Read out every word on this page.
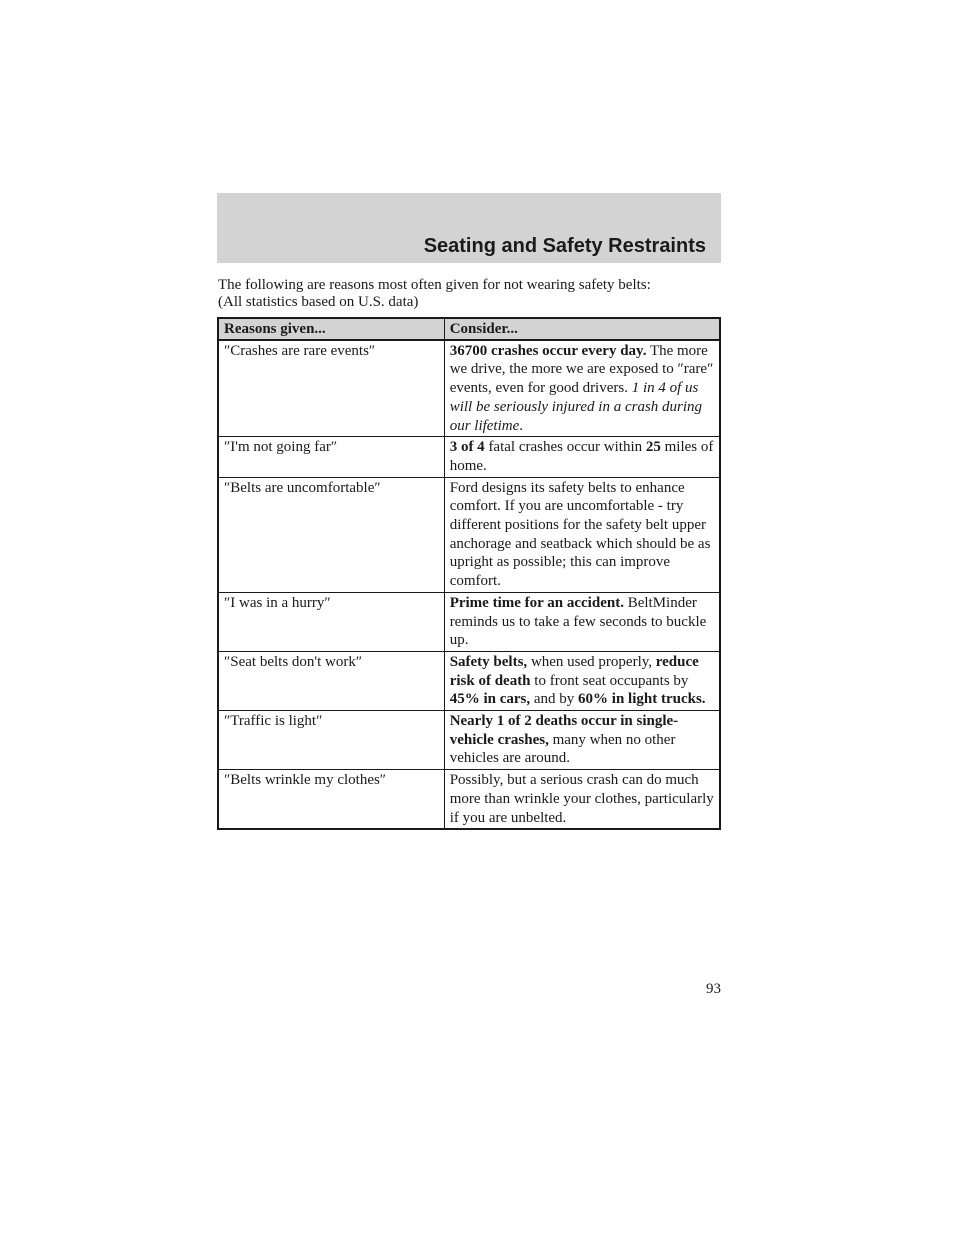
Seating and Safety Restraints
The following are reasons most often given for not wearing safety belts:
(All statistics based on U.S. data)
Reasons given...	Consider...
″Crashes are rare events″	36700 crashes occur every day. The more we drive, the more we are exposed to ″rare″ events, even for good drivers. 1 in 4 of us will be seriously injured in a crash during our lifetime.
″I'm not going far″	3 of 4 fatal crashes occur within 25 miles of home.
″Belts are uncomfortable″	Ford designs its safety belts to enhance comfort. If you are uncomfortable - try different positions for the safety belt upper anchorage and seatback which should be as upright as possible; this can improve comfort.
″I was in a hurry″	Prime time for an accident. BeltMinder reminds us to take a few seconds to buckle up.
″Seat belts don't work″	Safety belts, when used properly, reduce risk of death to front seat occupants by 45% in cars, and by 60% in light trucks.
″Traffic is light″	Nearly 1 of 2 deaths occur in single-vehicle crashes, many when no other vehicles are around.
″Belts wrinkle my clothes″	Possibly, but a serious crash can do much more than wrinkle your clothes, particularly if you are unbelted.
93
